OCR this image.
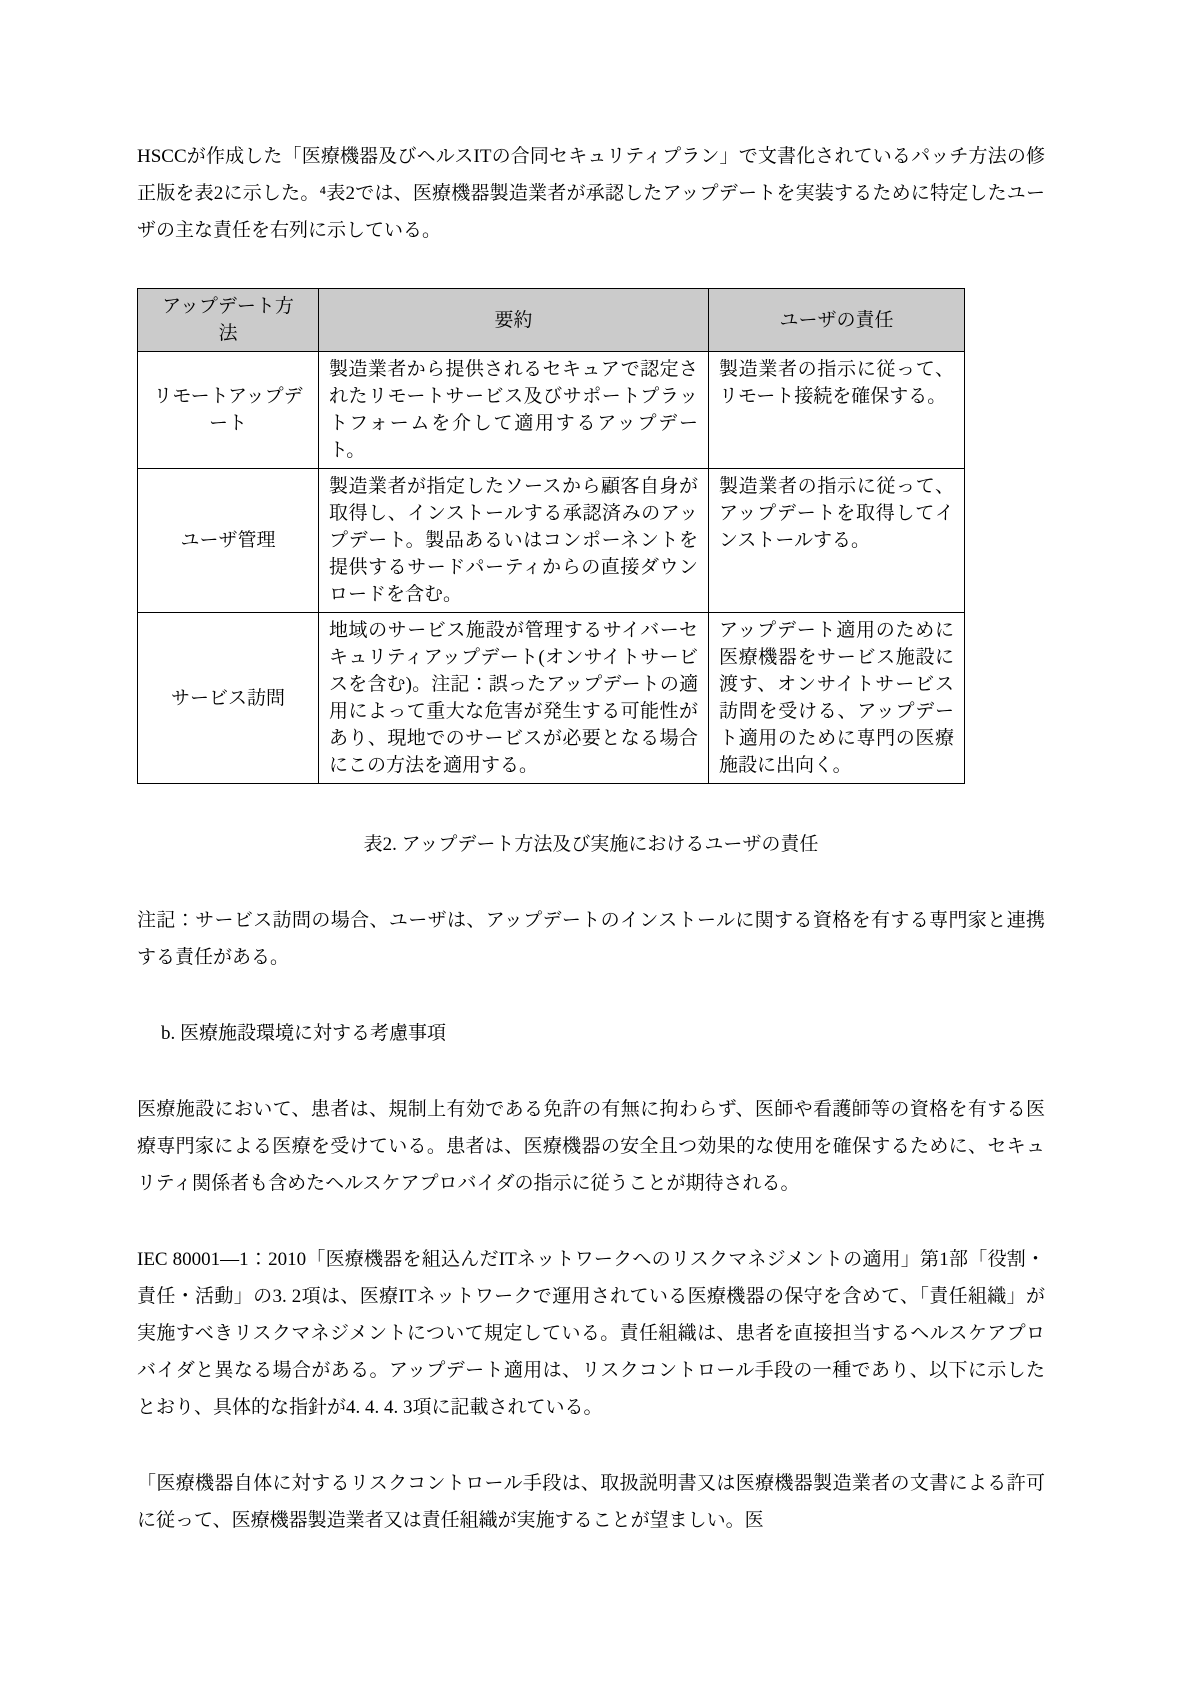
HSCCが作成した「医療機器及びヘルスITの合同セキュリティプラン」で文書化されているパッチ方法の修正版を表2に示した。⁴表2では、医療機器製造業者が承認したアップデートを実装するために特定したユーザの主な責任を右列に示している。

アップデート方法	要約	ユーザの責任
リモートアップデート	製造業者から提供されるセキュアで認定されたリモートサービス及びサポートプラットフォームを介して適用するアップデート。	製造業者の指示に従って、リモート接続を確保する。
ユーザ管理	製造業者が指定したソースから顧客自身が取得し、インストールする承認済みのアップデート。製品あるいはコンポーネントを提供するサードパーティからの直接ダウンロードを含む。	製造業者の指示に従って、アップデートを取得してインストールする。
サービス訪問	地域のサービス施設が管理するサイバーセキュリティアップデート(オンサイトサービスを含む)。注記：誤ったアップデートの適用によって重大な危害が発生する可能性があり、現地でのサービスが必要となる場合にこの方法を適用する。	アップデート適用のために医療機器をサービス施設に渡す、オンサイトサービス訪問を受ける、アップデート適用のために専門の医療施設に出向く。

表2. アップデート方法及び実施におけるユーザの責任

注記：サービス訪問の場合、ユーザは、アップデートのインストールに関する資格を有する専門家と連携する責任がある。

b. 医療施設環境に対する考慮事項

医療施設において、患者は、規制上有効である免許の有無に拘わらず、医師や看護師等の資格を有する医療専門家による医療を受けている。患者は、医療機器の安全且つ効果的な使用を確保するために、セキュリティ関係者も含めたヘルスケアプロバイダの指示に従うことが期待される。

IEC 80001—1：2010「医療機器を組込んだITネットワークへのリスクマネジメントの適用」第1部「役割・責任・活動」の3. 2項は、医療ITネットワークで運用されている医療機器の保守を含めて、「責任組織」が実施すべきリスクマネジメントについて規定している。責任組織は、患者を直接担当するヘルスケアプロバイダと異なる場合がある。アップデート適用は、リスクコントロール手段の一種であり、以下に示したとおり、具体的な指針が4. 4. 4. 3項に記載されている。

「医療機器自体に対するリスクコントロール手段は、取扱説明書又は医療機器製造業者の文書による許可に従って、医療機器製造業者又は責任組織が実施することが望ましい。医
